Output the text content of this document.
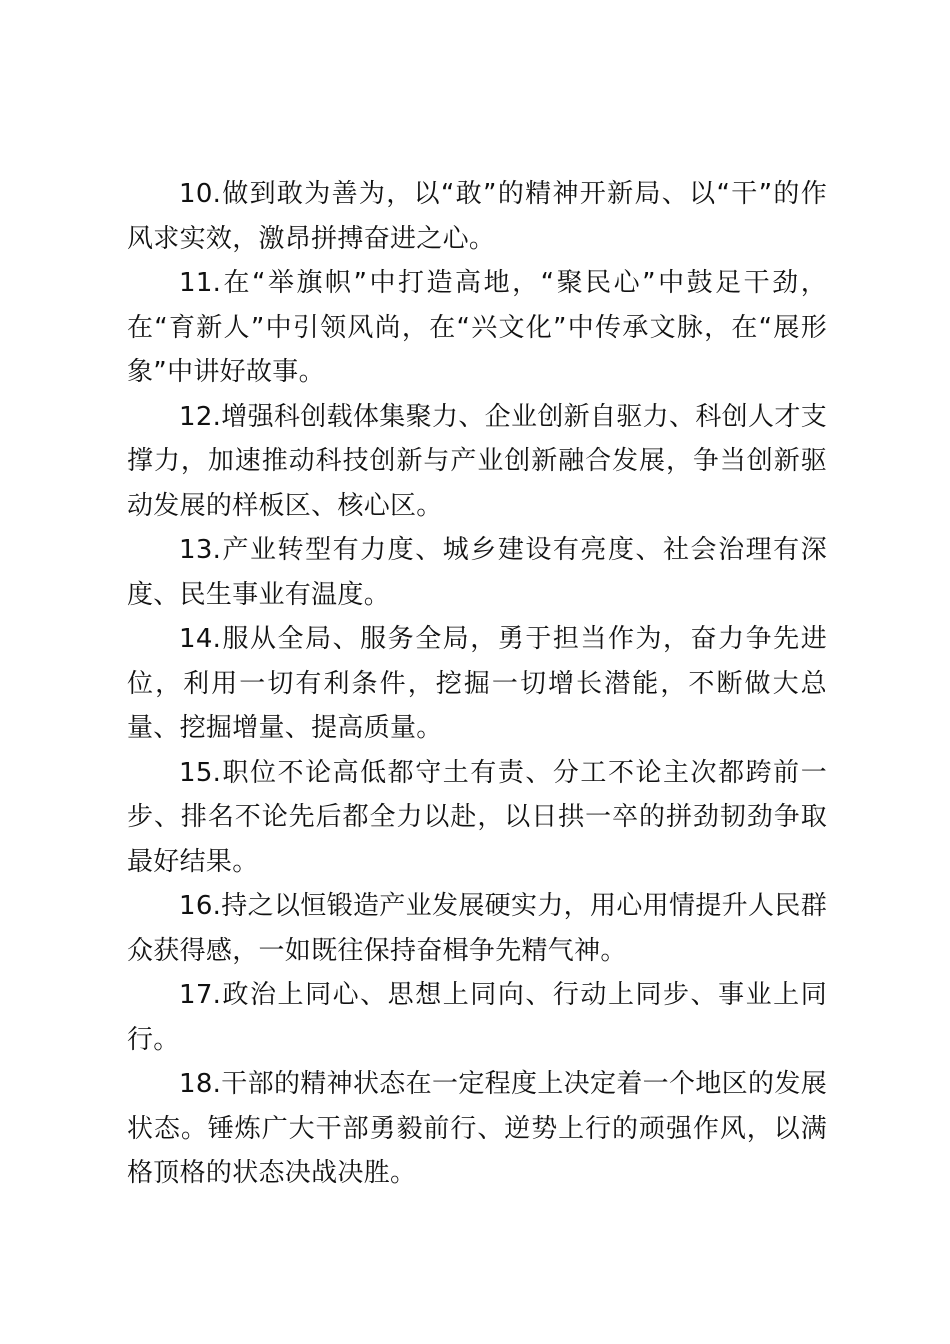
10.做到敢为善为，以“敢”的精神开新局、以“干”的作风求实效，激昂拼搏奋进之心。

11.在“举旗帜”中打造高地，“聚民心”中鼓足干劲，在“育新人”中引领风尚，在“兴文化”中传承文脉，在“展形象”中讲好故事。

12.增强科创载体集聚力、企业创新自驱力、科创人才支撑力，加速推动科技创新与产业创新融合发展，争当创新驱动发展的样板区、核心区。

13.产业转型有力度、城乡建设有亮度、社会治理有深度、民生事业有温度。

14.服从全局、服务全局，勇于担当作为，奋力争先进位，利用一切有利条件，挖掘一切增长潜能，不断做大总量、挖掘增量、提高质量。

15.职位不论高低都守土有责、分工不论主次都跨前一步、排名不论先后都全力以赴，以日拱一卒的拼劲韧劲争取最好结果。

16.持之以恒锻造产业发展硬实力，用心用情提升人民群众获得感，一如既往保持奋楫争先精气神。

17.政治上同心、思想上同向、行动上同步、事业上同行。

18.干部的精神状态在一定程度上决定着一个地区的发展状态。锤炼广大干部勇毅前行、逆势上行的顽强作风，以满格顶格的状态决战决胜。
